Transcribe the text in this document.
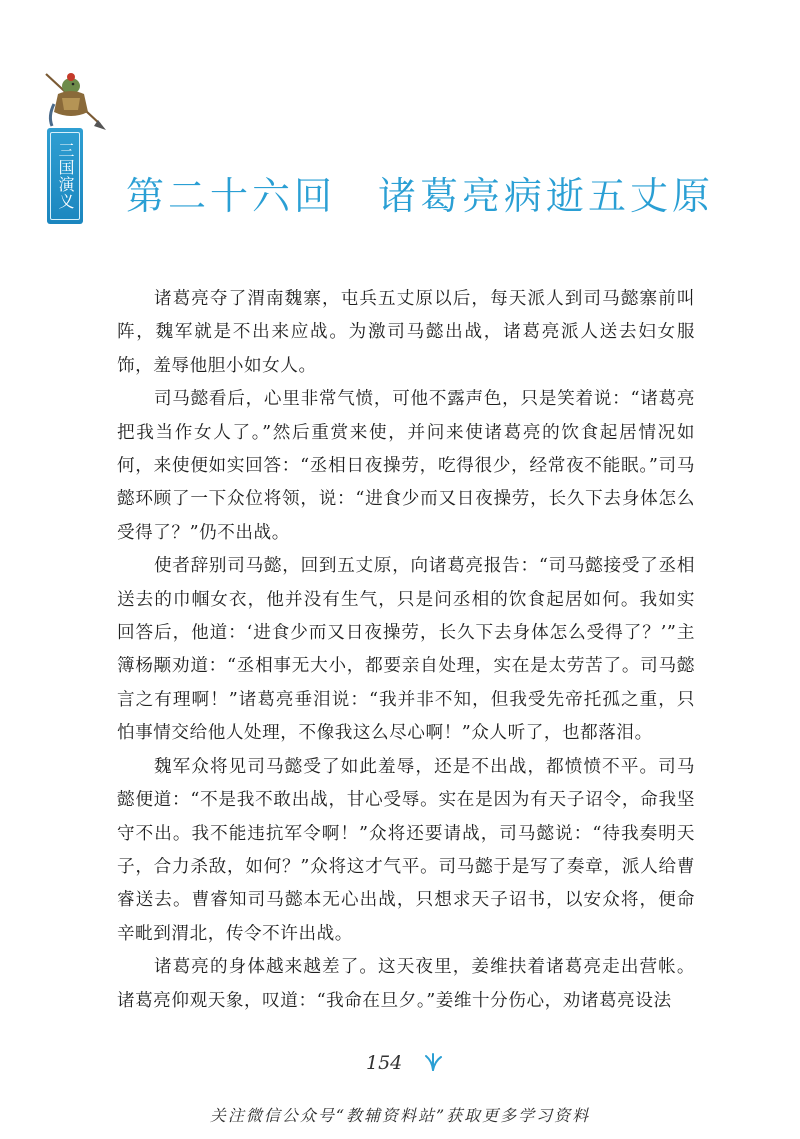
三国演义 第二十六回　诸葛亮病逝五丈原

诸葛亮夺了渭南魏寨，屯兵五丈原以后，每天派人到司马懿寨前叫阵，魏军就是不出来应战。为激司马懿出战，诸葛亮派人送去妇女服饰，羞辱他胆小如女人。

司马懿看后，心里非常气愤，可他不露声色，只是笑着说：“诸葛亮把我当作女人了。”然后重赏来使，并问来使诸葛亮的饮食起居情况如何，来使便如实回答：“丞相日夜操劳，吃得很少，经常夜不能眠。”司马懿环顾了一下众位将领，说：“进食少而又日夜操劳，长久下去身体怎么受得了？”仍不出战。

使者辞别司马懿，回到五丈原，向诸葛亮报告：“司马懿接受了丞相送去的巾帼女衣，他并没有生气，只是问丞相的饮食起居如何。我如实回答后，他道：‘进食少而又日夜操劳，长久下去身体怎么受得了？’”主簿杨颙劝道：“丞相事无大小，都要亲自处理，实在是太劳苦了。司马懿言之有理啊！”诸葛亮垂泪说：“我并非不知，但我受先帝托孤之重，只怕事情交给他人处理，不像我这么尽心啊！”众人听了，也都落泪。

魏军众将见司马懿受了如此羞辱，还是不出战，都愤愤不平。司马懿便道：“不是我不敢出战，甘心受辱。实在是因为有天子诏令，命我坚守不出。我不能违抗军令啊！”众将还要请战，司马懿说：“待我奏明天子，合力杀敌，如何？”众将这才气平。司马懿于是写了奏章，派人给曹睿送去。曹睿知司马懿本无心出战，只想求天子诏书，以安众将，便命辛毗到渭北，传令不许出战。

诸葛亮的身体越来越差了。这天夜里，姜维扶着诸葛亮走出营帐。诸葛亮仰观天象，叹道：“我命在旦夕。”姜维十分伤心，劝诸葛亮设法

154
关注微信公众号“教辅资料站”获取更多学习资料
